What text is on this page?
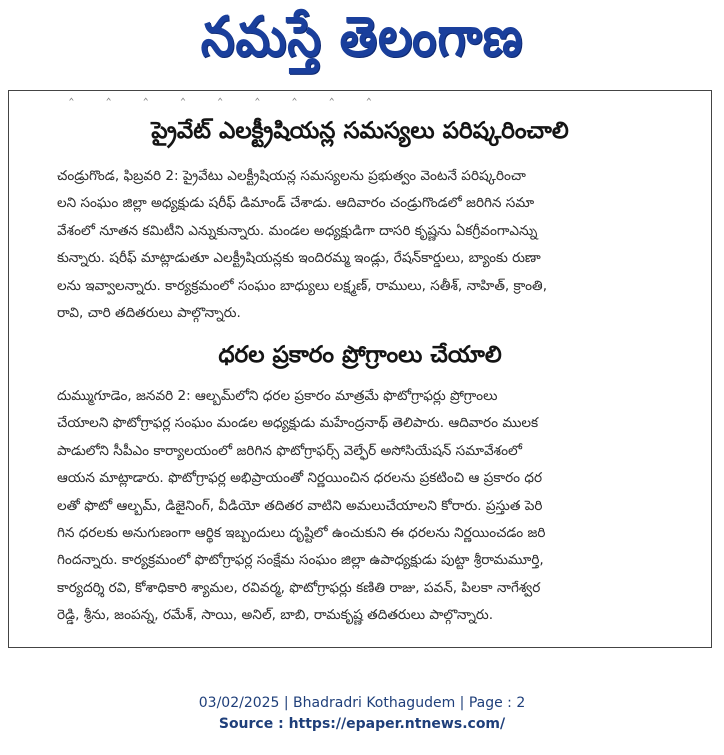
నమస్తే తెలంగాణ
‸ ‸ ‸ ‸ ‸ ‸ ‸ ‸ ‸
ప్రైవేట్ ఎలక్ట్రీషియన్ల సమస్యలు పరిష్కరించాలి
చండ్రుగొండ, ఫిబ్రవరి 2: ప్రైవేటు ఎలక్ట్రీషియన్ల సమస్యలను ప్రభుత్వం వెంటనే పరిష్కరించా
లని సంఘం జిల్లా అధ్యక్షుడు షరీఫ్ డిమాండ్ చేశాడు. ఆదివారం చండ్రుగొండలో జరిగిన సమా
వేశంలో నూతన కమిటీని ఎన్నుకున్నారు. మండల అధ్యక్షుడిగా దాసరి కృష్ణను ఏకగ్రీవంగాఎన్ను
కున్నారు. షరీఫ్ మాట్లాడుతూ ఎలక్ట్రీషియన్లకు ఇందిరమ్మ ఇండ్లు, రేషన్‌కార్డులు, బ్యాంకు రుణా
లను ఇవ్వాలన్నారు. కార్యక్రమంలో సంఘం బాధ్యులు లక్ష్మణ్, రాములు, సతీశ్, నాహిత్, క్రాంతి,
రావి, చారి తదితరులు పాల్గొన్నారు.
ధరల ప్రకారం ప్రోగ్రాంలు చేయాలి
దుమ్ముగూడెం, జనవరి 2: ఆల్బమ్‌లోని ధరల ప్రకారం మాత్రమే ఫొటోగ్రాఫర్లు ప్రోగ్రాంలు
చేయాలని ఫొటోగ్రాఫర్ల సంఘం మండల అధ్యక్షుడు మహేంద్రనాథ్ తెలిపారు. ఆదివారం ములక
పాడులోని సీపీఎం కార్యాలయంలో జరిగిన ఫొటోగ్రాఫర్స్ వెల్ఫేర్ అసోసియేషన్ సమావేశంలో
ఆయన మాట్లాడారు. ఫొటోగ్రాఫర్ల అభిప్రాయంతో నిర్ణయించిన ధరలను ప్రకటించి ఆ ప్రకారం ధర
లతో ఫొటో ఆల్బమ్, డిజైనింగ్, వీడియో తదితర వాటిని అమలుచేయాలని కోరారు. ప్రస్తుత పెరి
గిన ధరలకు అనుగుణంగా ఆర్థిక ఇబ్బందులు దృష్టిలో ఉంచుకుని ఈ ధరలను నిర్ణయించడం జరి
గిందన్నారు. కార్యక్రమంలో ఫొటోగ్రాఫర్ల సంక్షేమ సంఘం జిల్లా ఉపాధ్యక్షుడు పుట్టా శ్రీరామమూర్తి,
కార్యదర్శి రవి, కోశాధికారి శ్యామల, రవివర్మ, ఫొటోగ్రాఫర్లు కణితి రాజు, పవన్, పిలకా నాగేశ్వర
రెడ్డి, శ్రీను, జంపన్న, రమేశ్, సాయి, అనిల్, బాబి, రామకృష్ణ తదితరులు పాల్గొన్నారు.
03/02/2025 | Bhadradri Kothagudem | Page : 2
Source : https://epaper.ntnews.com/
